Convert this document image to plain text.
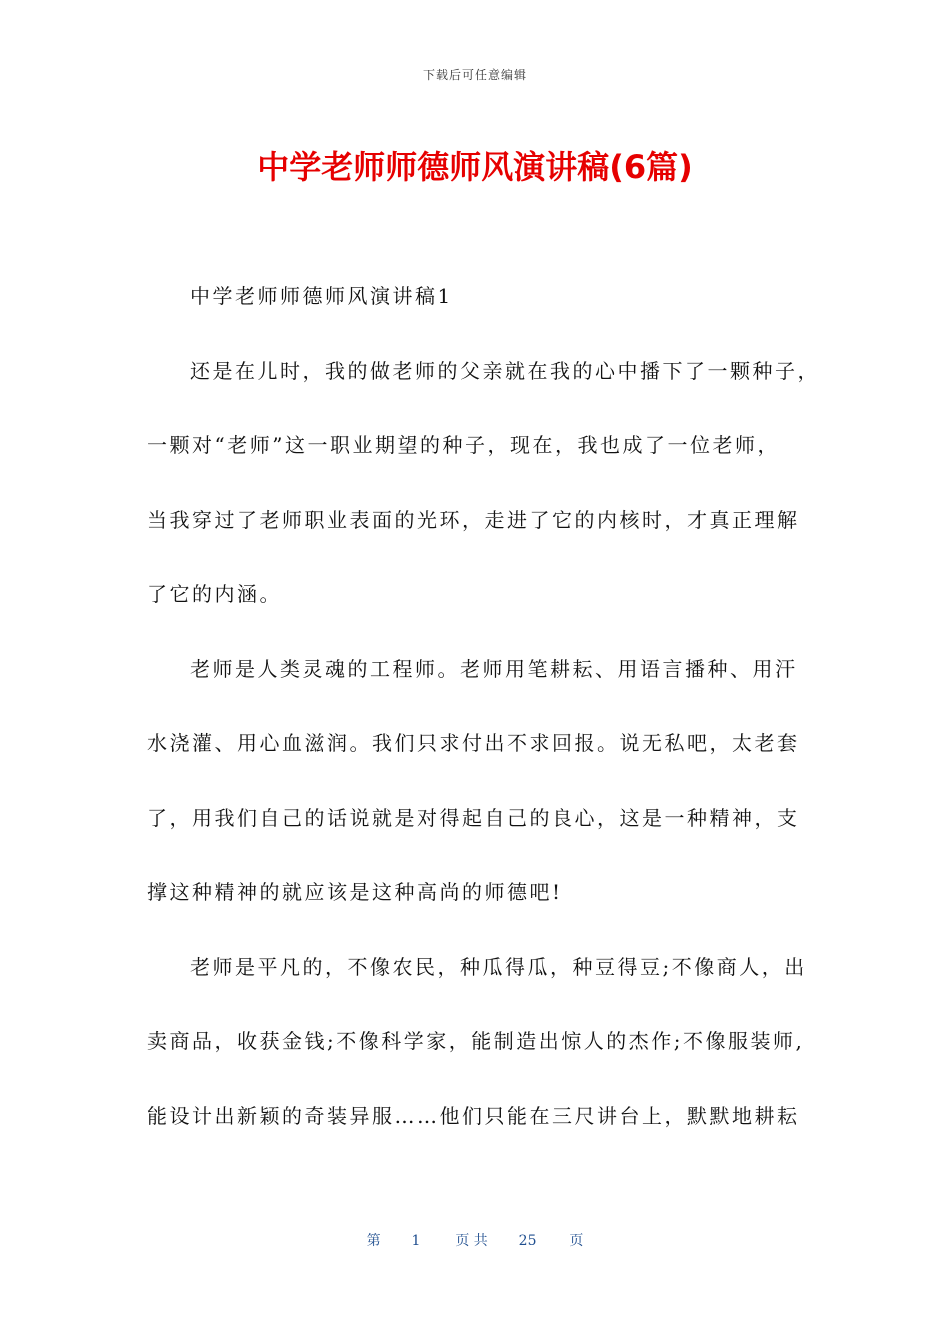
下载后可任意编辑
中学老师师德师风演讲稿(6篇)
中学老师师德师风演讲稿1
还是在儿时，我的做老师的父亲就在我的心中播下了一颗种子，
一颗对“老师”这一职业期望的种子，现在，我也成了一位老师，
当我穿过了老师职业表面的光环，走进了它的内核时，才真正理解
了它的内涵。
老师是人类灵魂的工程师。老师用笔耕耘、用语言播种、用汗
水浇灌、用心血滋润。我们只求付出不求回报。说无私吧，太老套
了，用我们自己的话说就是对得起自己的良心，这是一种精神，支
撑这种精神的就应该是这种高尚的师德吧!
老师是平凡的，不像农民，种瓜得瓜，种豆得豆;不像商人，出
卖商品，收获金钱;不像科学家，能制造出惊人的杰作;不像服装师,
能设计出新颖的奇装异服……他们只能在三尺讲台上，默默地耕耘
第 1 页 共 25 页
